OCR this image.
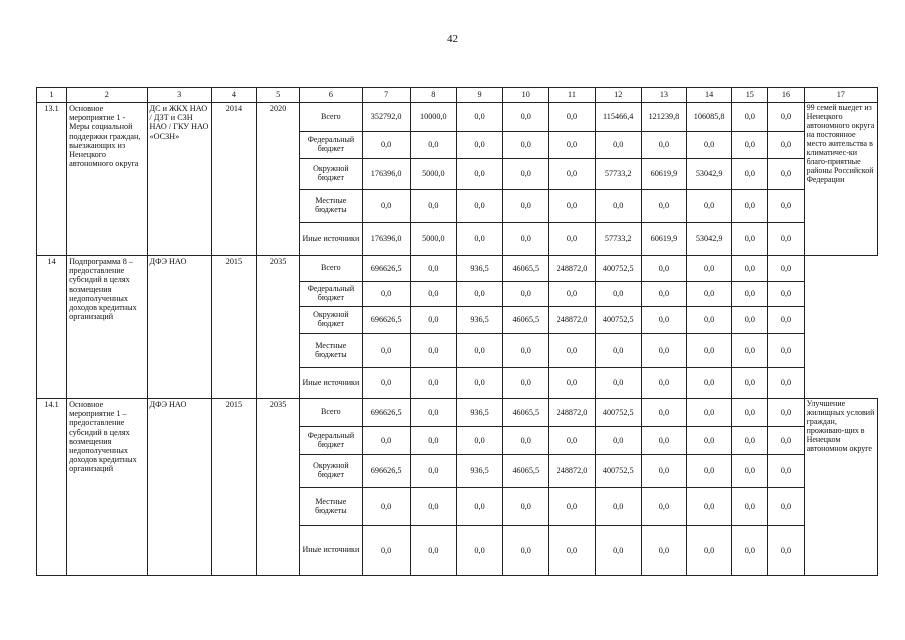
42
1	2	3	4	5	6	7	8	9	10	11	12	13	14	15	16	17
13.1	Основное мероприятие 1 - Меры социальной поддержки граждан, выезжающих из Ненецкого автономного округа	ДС и ЖКХ НАО / ДЗТ и СЗН НАО / ГКУ НАО «ОСЗН»	2014	2020	Всего	352792,0	10000,0	0,0	0,0	0,0	115466,4	121239,8	106085,8	0,0	0,0	99 семей выедет из Ненецкого автономного округа на постоянное место жительства в климатичес-ки благо-приятные районы Российской Федерации
					Федеральный бюджет	0,0	0,0	0,0	0,0	0,0	0,0	0,0	0,0	0,0	0,0	
					Окружной бюджет	176396,0	5000,0	0,0	0,0	0,0	57733,2	60619,9	53042,9	0,0	0,0	
					Местные бюджеты	0,0	0,0	0,0	0,0	0,0	0,0	0,0	0,0	0,0	0,0	
					Иные источники	176396,0	5000,0	0,0	0,0	0,0	57733,2	60619,9	53042,9	0,0	0,0	
14	Подпрограмма 8 – предоставление субсидий в целях возмещения недополученных доходов кредитных организаций	ДФЭ НАО	2015	2035	Всего	696626,5	0,0	936,5	46065,5	248872,0	400752,5	0,0	0,0	0,0	0,0	
					Федеральный бюджет	0,0	0,0	0,0	0,0	0,0	0,0	0,0	0,0	0,0	0,0	
					Окружной бюджет	696626,5	0,0	936,5	46065,5	248872,0	400752,5	0,0	0,0	0,0	0,0	
					Местные бюджеты	0,0	0,0	0,0	0,0	0,0	0,0	0,0	0,0	0,0	0,0	
					Иные источники	0,0	0,0	0,0	0,0	0,0	0,0	0,0	0,0	0,0	0,0	
14.1	Основное мероприятие 1 – предоставление субсидий в целях возмещения недополученных доходов кредитных организаций	ДФЭ НАО	2015	2035	Всего	696626,5	0,0	936,5	46065,5	248872,0	400752,5	0,0	0,0	0,0	0,0	Улучшение жилищных условий граждан, проживаю-щих в Ненецком автономном округе
					Федеральный бюджет	0,0	0,0	0,0	0,0	0,0	0,0	0,0	0,0	0,0	0,0	
					Окружной бюджет	696626,5	0,0	936,5	46065,5	248872,0	400752,5	0,0	0,0	0,0	0,0	
					Местные бюджеты	0,0	0,0	0,0	0,0	0,0	0,0	0,0	0,0	0,0	0,0	
					Иные источники	0,0	0,0	0,0	0,0	0,0	0,0	0,0	0,0	0,0	0,0	
